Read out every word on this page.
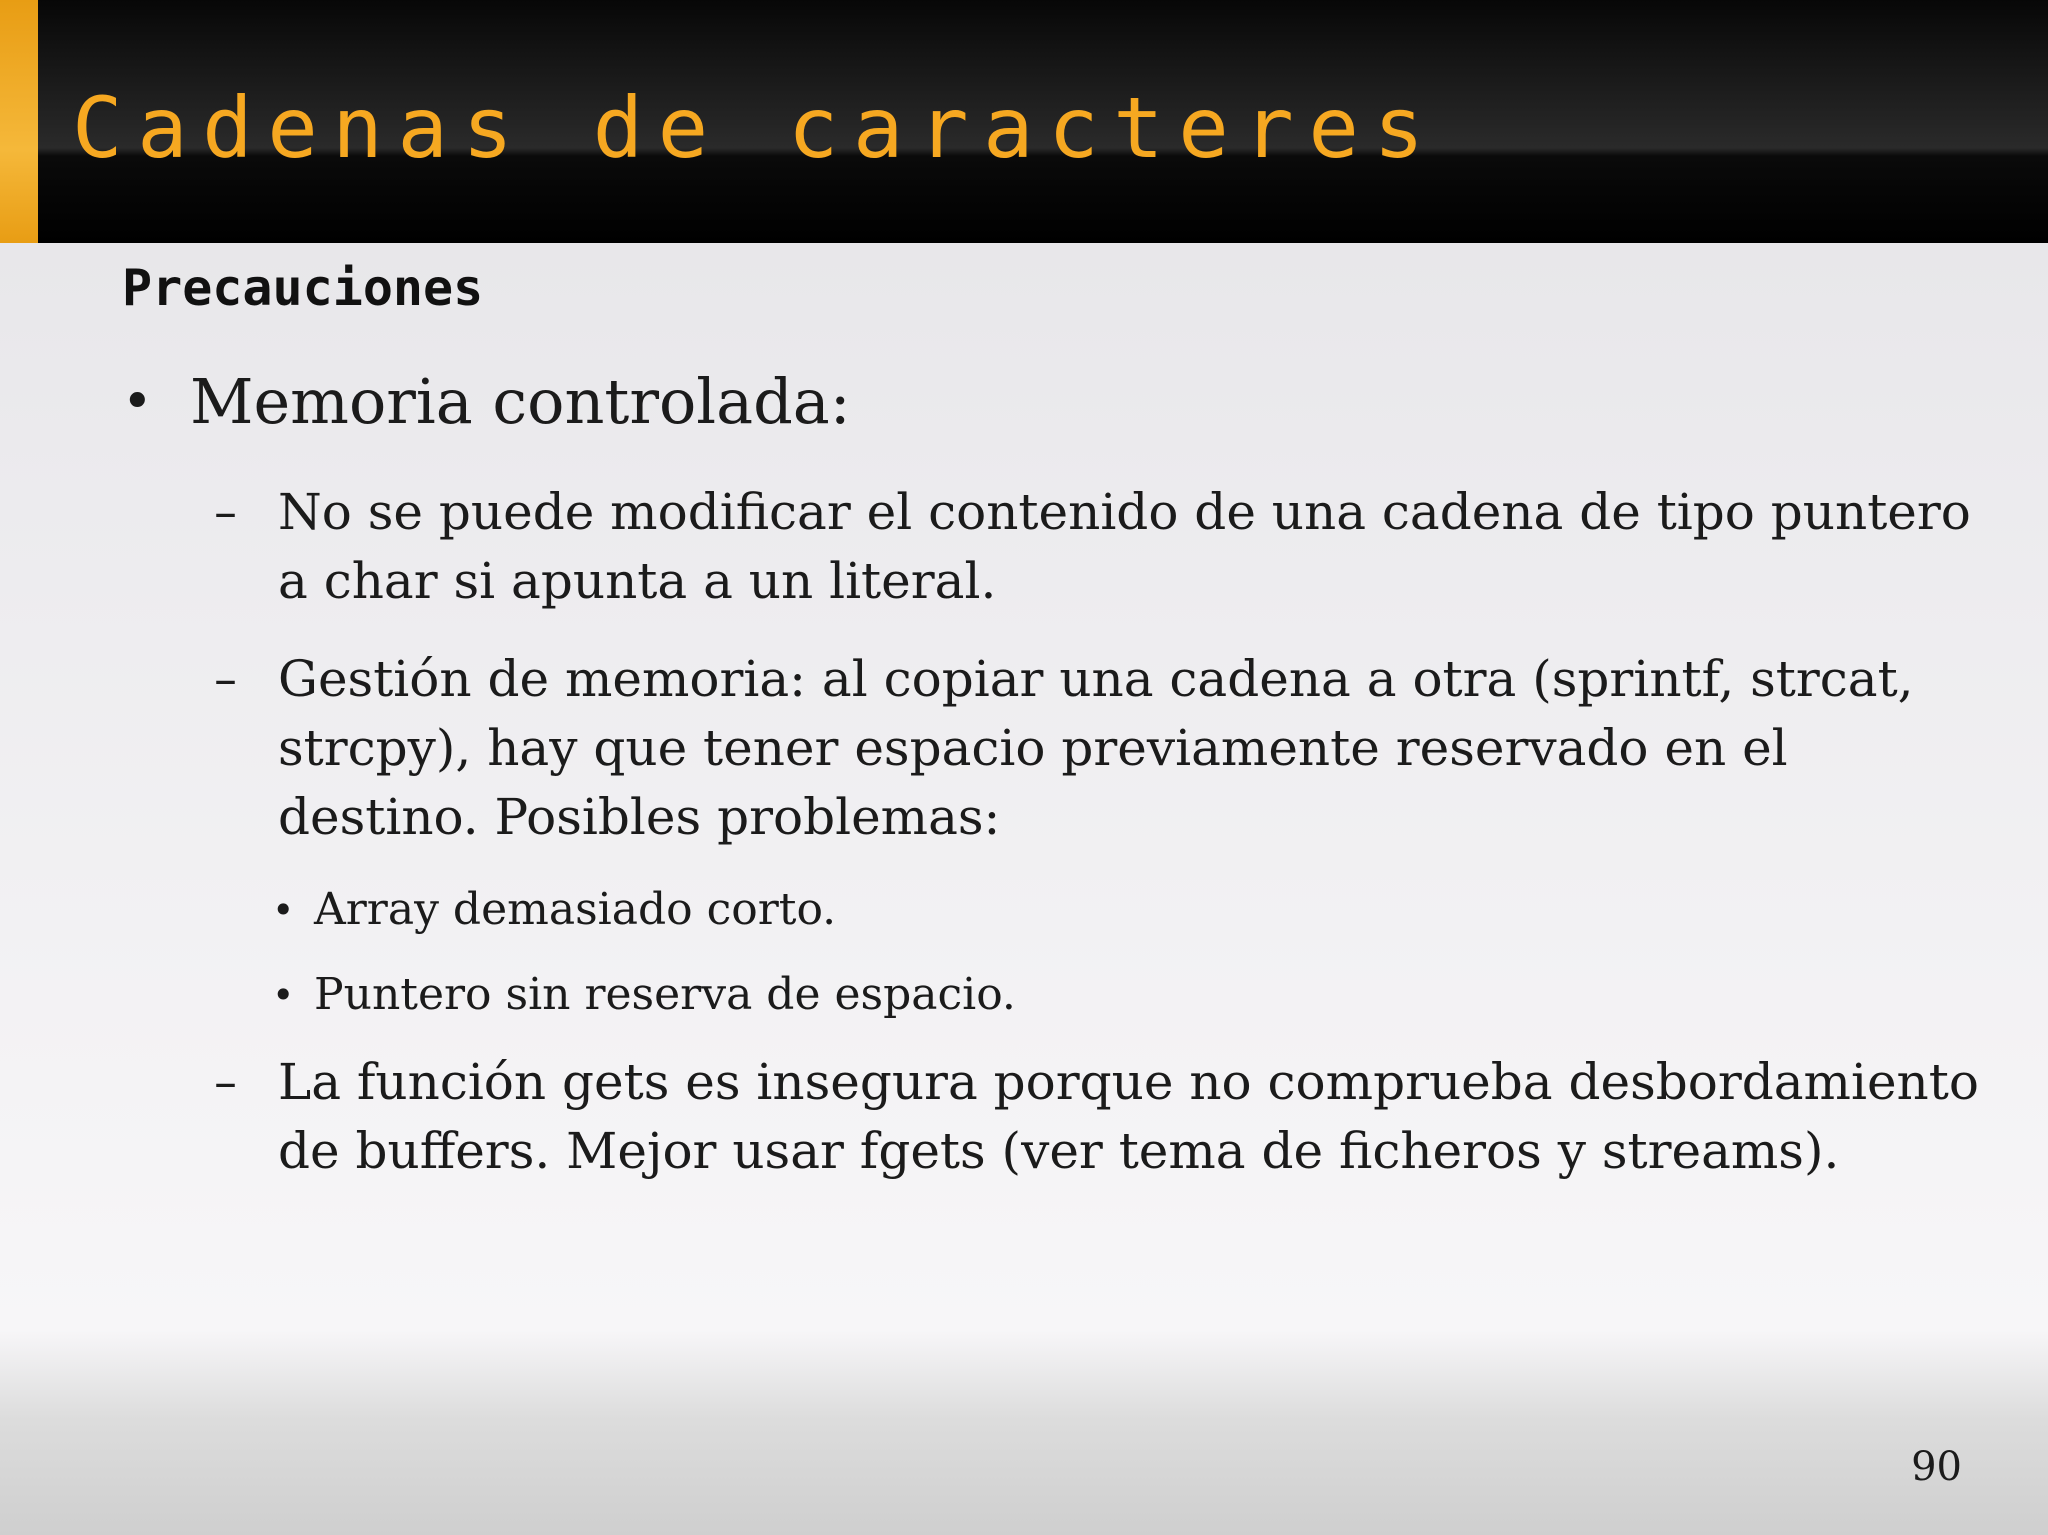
Cadenas de caracteres
Precauciones
• Memoria controlada:
– No se puede modificar el contenido de una cadena de tipo puntero
a char si apunta a un literal.
– Gestión de memoria: al copiar una cadena a otra (sprintf, strcat,
strcpy), hay que tener espacio previamente reservado en el
destino. Posibles problemas:
• Array demasiado corto.
• Puntero sin reserva de espacio.
– La función gets es insegura porque no comprueba desbordamiento
de buffers. Mejor usar fgets (ver tema de ficheros y streams).
90
